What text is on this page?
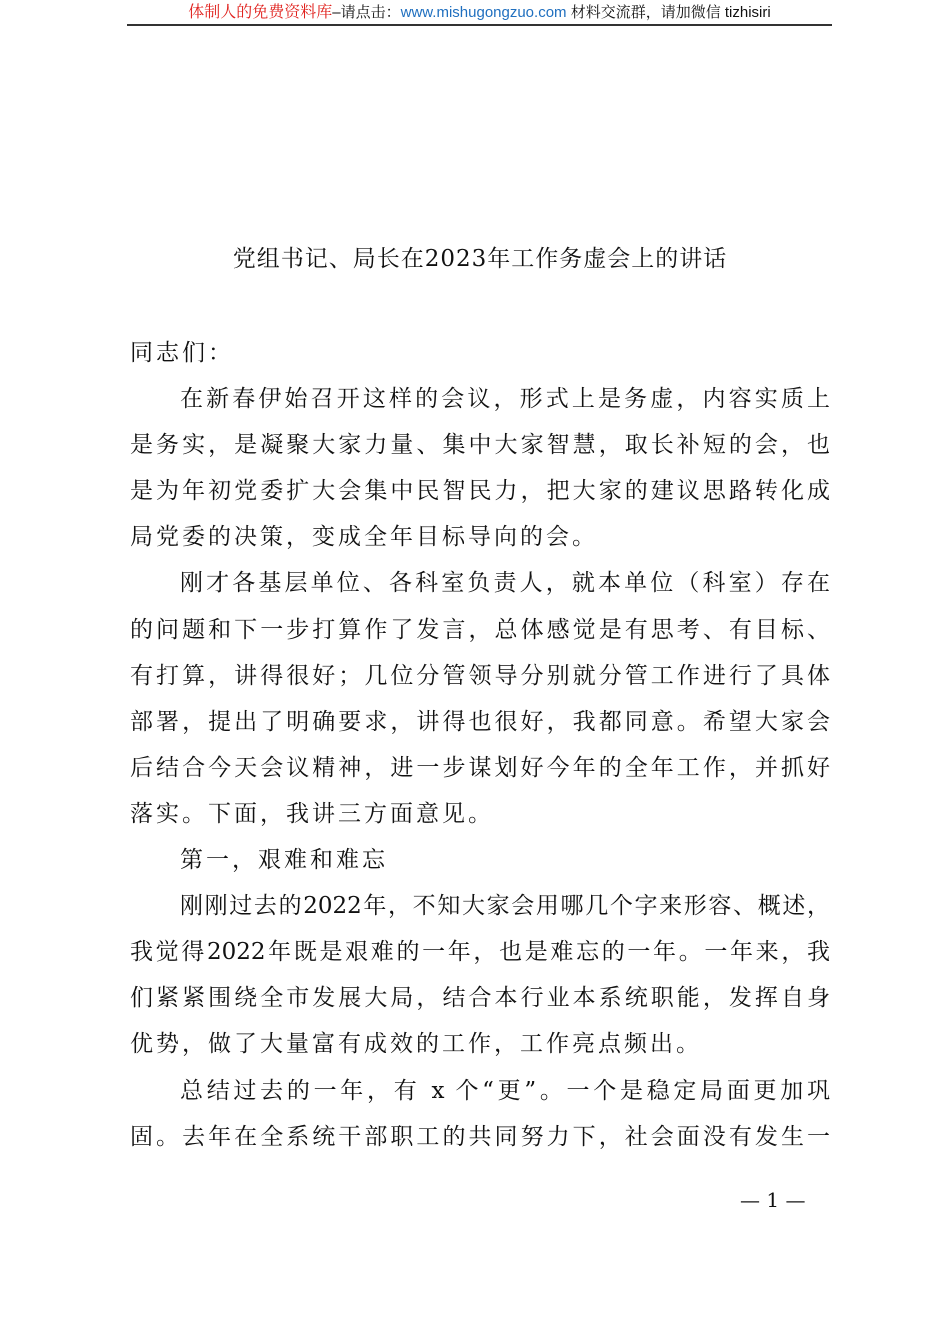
体制人的免费资料库–请点击：www.mishugongzuo.com 材料交流群，请加微信 tizhisiri
党组书记、局长在2023年工作务虚会上的讲话
同志们：
在新春伊始召开这样的会议，形式上是务虚，内容实质上
是务实，是凝聚大家力量、集中大家智慧，取长补短的会，也
是为年初党委扩大会集中民智民力，把大家的建议思路转化成
局党委的决策，变成全年目标导向的会。
刚才各基层单位、各科室负责人，就本单位（科室）存在
的问题和下一步打算作了发言，总体感觉是有思考、有目标、
有打算，讲得很好；几位分管领导分别就分管工作进行了具体
部署，提出了明确要求，讲得也很好，我都同意。希望大家会
后结合今天会议精神，进一步谋划好今年的全年工作，并抓好
落实。下面，我讲三方面意见。
第一，艰难和难忘
刚刚过去的2022年，不知大家会用哪几个字来形容、概述，
我觉得2022年既是艰难的一年，也是难忘的一年。一年来，我
们紧紧围绕全市发展大局，结合本行业本系统职能，发挥自身
优势，做了大量富有成效的工作，工作亮点频出。
总结过去的一年，有 x 个“更”。一个是稳定局面更加巩
固。去年在全系统干部职工的共同努力下，社会面没有发生一
— 1 —
